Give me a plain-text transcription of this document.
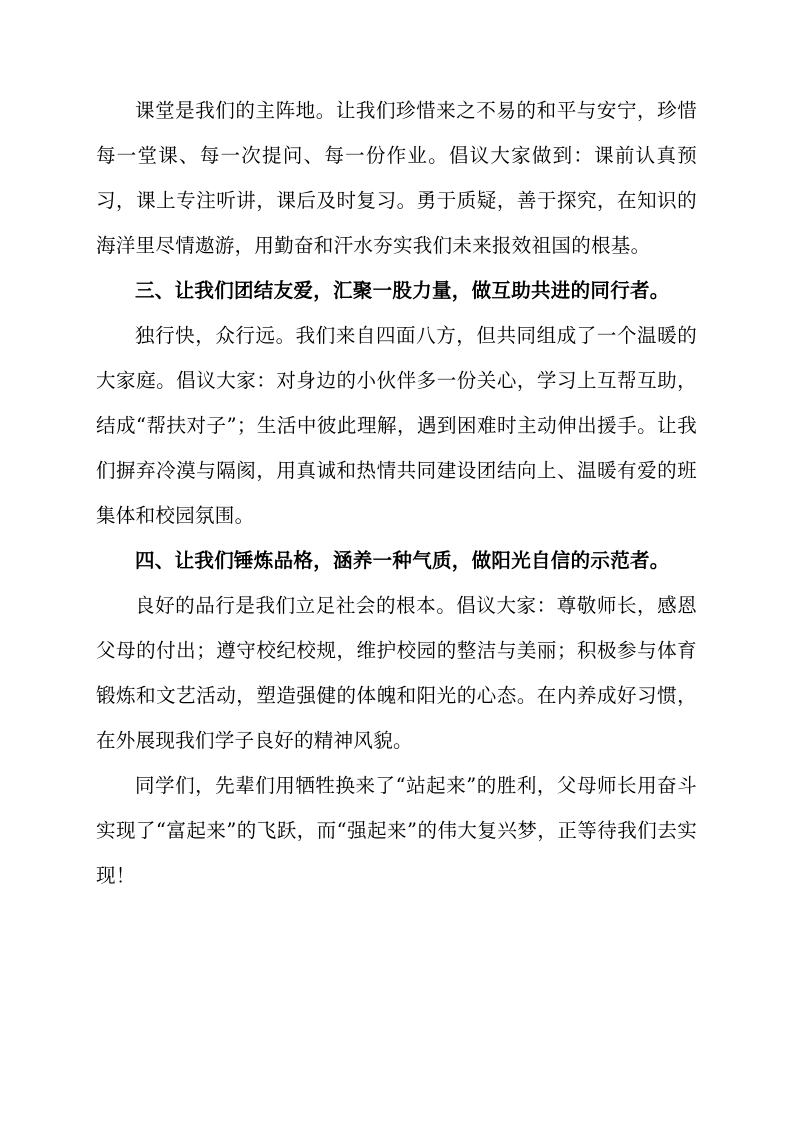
课堂是我们的主阵地。让我们珍惜来之不易的和平与安宁，珍惜每一堂课、每一次提问、每一份作业。倡议大家做到：课前认真预习，课上专注听讲，课后及时复习。勇于质疑，善于探究，在知识的海洋里尽情遨游，用勤奋和汗水夯实我们未来报效祖国的根基。

三、让我们团结友爱，汇聚一股力量，做互助共进的同行者。

独行快，众行远。我们来自四面八方，但共同组成了一个温暖的大家庭。倡议大家：对身边的小伙伴多一份关心，学习上互帮互助，结成“帮扶对子”；生活中彼此理解，遇到困难时主动伸出援手。让我们摒弃冷漠与隔阂，用真诚和热情共同建设团结向上、温暖有爱的班集体和校园氛围。

四、让我们锤炼品格，涵养一种气质，做阳光自信的示范者。

良好的品行是我们立足社会的根本。倡议大家：尊敬师长，感恩父母的付出；遵守校纪校规，维护校园的整洁与美丽；积极参与体育锻炼和文艺活动，塑造强健的体魄和阳光的心态。在内养成好习惯，在外展现我们学子良好的精神风貌。

同学们，先辈们用牺牲换来了“站起来”的胜利，父母师长用奋斗实现了“富起来”的飞跃，而“强起来”的伟大复兴梦，正等待我们去实现！
